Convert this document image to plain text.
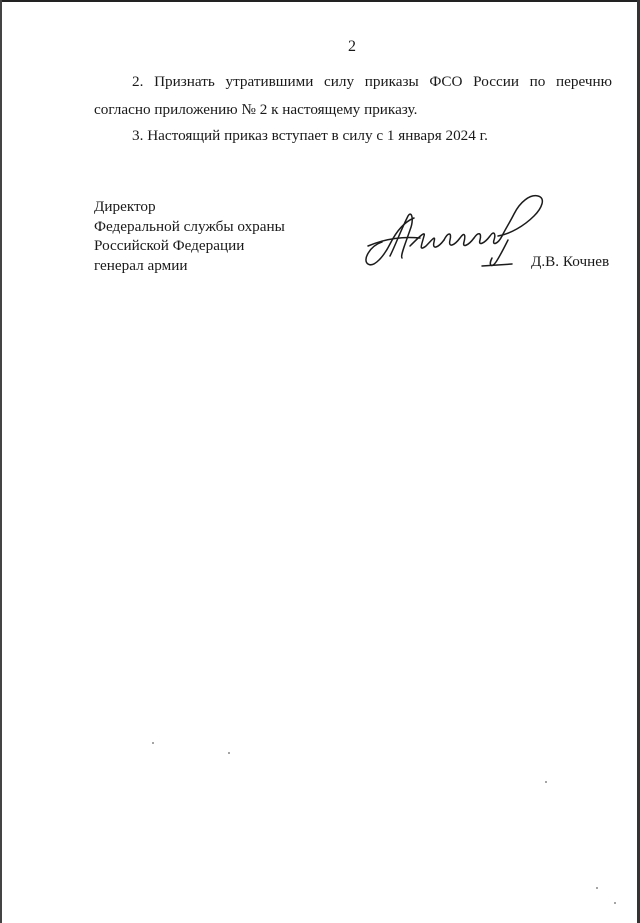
2
2. Признать утратившими силу приказы ФСО России по перечню
согласно приложению № 2 к настоящему приказу.
3. Настоящий приказ вступает в силу с 1 января 2024 г.
Директор
Федеральной службы охраны
Российской Федерации
генерал армии	Д.В. Кочнев
